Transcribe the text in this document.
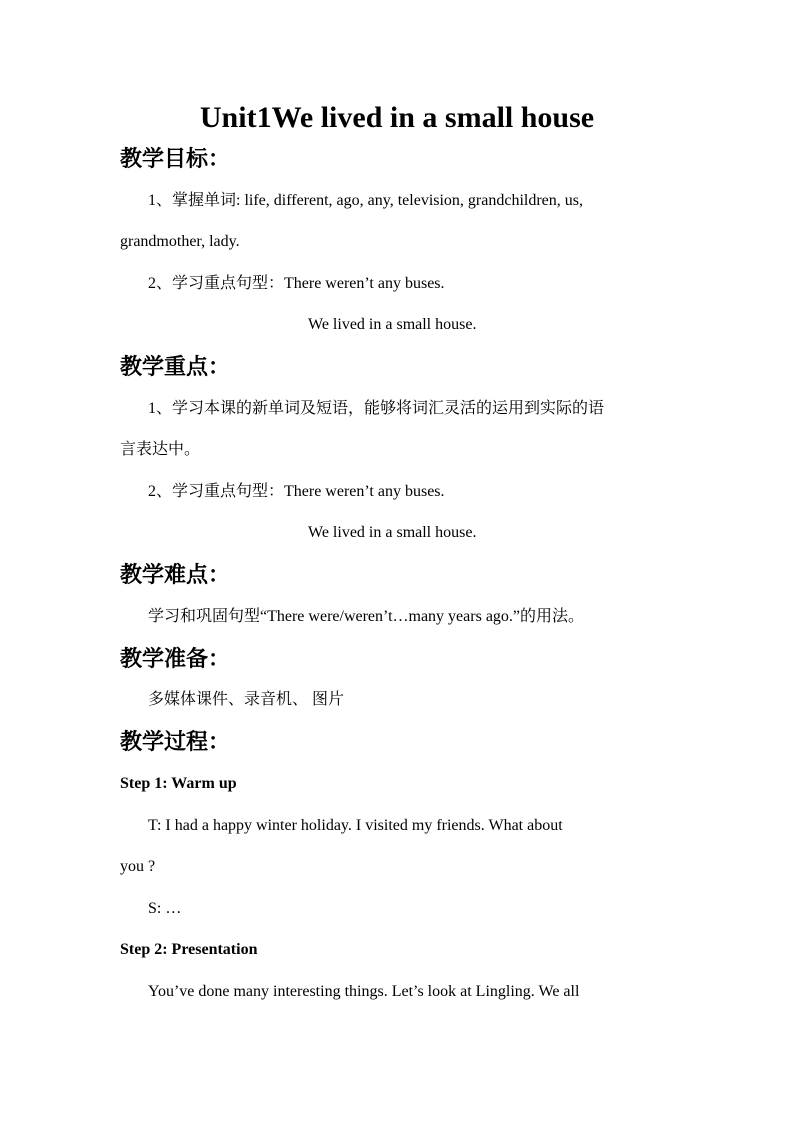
Unit1We lived in a small house
教学目标：
1、掌握单词: life, different, ago, any, television, grandchildren, us,
grandmother, lady.
2、学习重点句型：There weren’t any buses.
We lived in a small house.
教学重点：
1、学习本课的新单词及短语，能够将词汇灵活的运用到实际的语
言表达中。
2、学习重点句型：There weren’t any buses.
We lived in a small house.
教学难点：
学习和巩固句型“There were/weren’t…many years ago.”的用法。
教学准备：
多媒体课件、录音机、 图片
教学过程：
Step 1: Warm up
T: I had a happy winter holiday. I visited my friends. What about
you ?
S: …
Step 2: Presentation
You’ve done many interesting things. Let’s look at Lingling. We all
